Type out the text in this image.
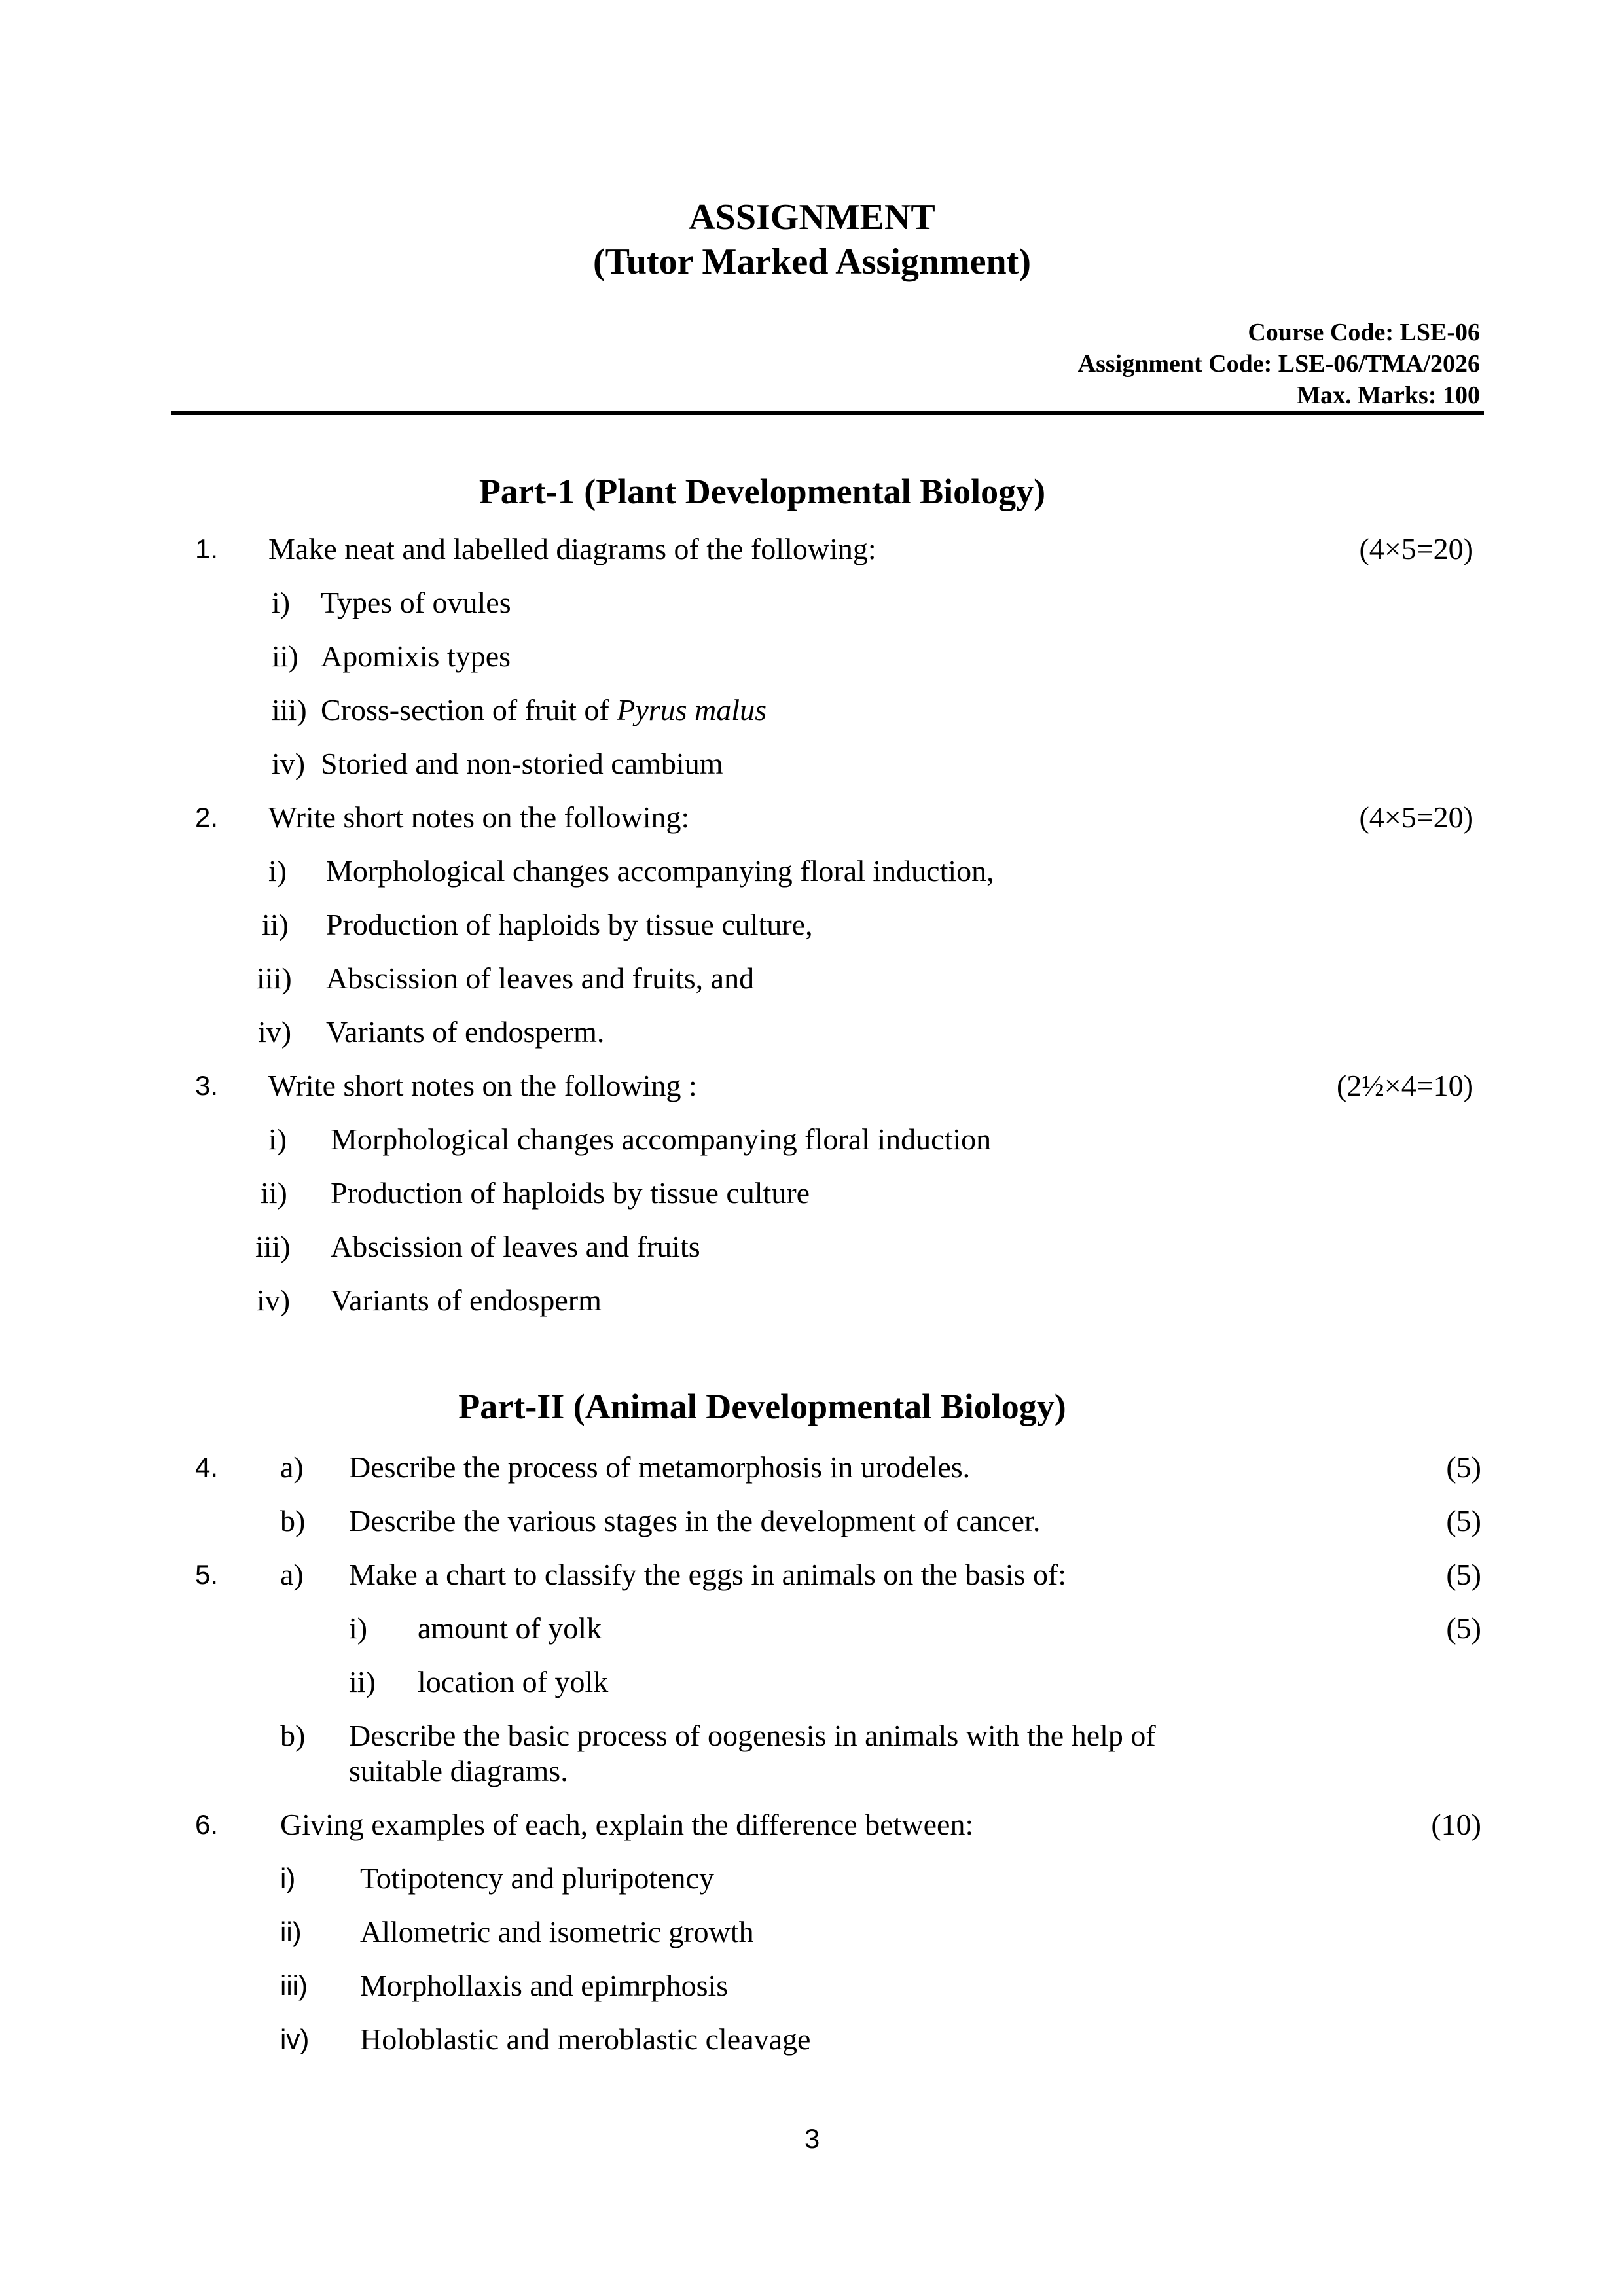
ASSIGNMENT
(Tutor Marked Assignment)
Course Code: LSE-06
Assignment Code: LSE-06/TMA/2026
Max. Marks: 100
Part-1 (Plant Developmental Biology)
1. Make neat and labelled diagrams of the following:	(4×5=20)
i) Types of ovules
ii) Apomixis types
iii) Cross-section of fruit of Pyrus malus
iv) Storied and non-storied cambium
2. Write short notes on the following:	(4×5=20)
i) Morphological changes accompanying floral induction,
ii) Production of haploids by tissue culture,
iii) Abscission of leaves and fruits, and
iv) Variants of endosperm.
3. Write short notes on the following :	(2½×4=10)
i) Morphological changes accompanying floral induction
ii) Production of haploids by tissue culture
iii) Abscission of leaves and fruits
iv) Variants of endosperm
Part-II (Animal Developmental Biology)
4. a) Describe the process of metamorphosis in urodeles.	(5)
b) Describe the various stages in the development of cancer.	(5)
5. a) Make a chart to classify the eggs in animals on the basis of:	(5)
i) amount of yolk	(5)
ii) location of yolk
b) Describe the basic process of oogenesis in animals with the help of
suitable diagrams.
6. Giving examples of each, explain the difference between:	(10)
i) Totipotency and pluripotency
ii) Allometric and isometric growth
iii) Morphollaxis and epimrphosis
iv) Holoblastic and meroblastic cleavage
3
